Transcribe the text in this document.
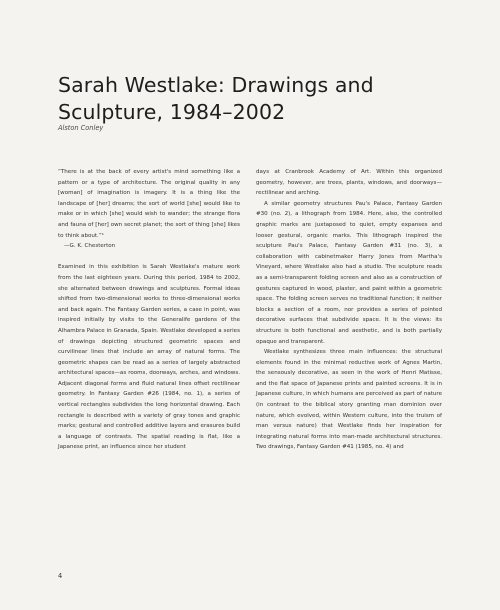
Sarah Westlake: Drawings and Sculpture, 1984–2002
Alston Conley

“There is at the back of every artist's mind something like a pattern or a type of architecture. The original quality in any [woman] of imagination is imagery. It is a thing like the landscape of [her] dreams; the sort of world [she] would like to make or in which [she] would wish to wander; the strange flora and fauna of [her] own secret planet; the sort of thing [she] likes to think about.”¹

—G. K. Chesterton

Examined in this exhibition is Sarah Westlake's mature work from the last eighteen years. During this period, 1984 to 2002, she alternated between drawings and sculptures. Formal ideas shifted from two-dimensional works to three-dimensional works and back again. The Fantasy Garden series, a case in point, was inspired initially by visits to the Generalife gardens of the Alhambra Palace in Granada, Spain. Westlake developed a series of drawings depicting structured geometric spaces and curvilinear lines that include an array of natural forms. The geometric shapes can be read as a series of largely abstracted architectural spaces—as rooms, doorways, arches, and windows. Adjacent diagonal forms and fluid natural lines offset rectilinear geometry. In Fantasy Garden #26 (1984, no. 1), a series of vertical rectangles subdivides the long horizontal drawing. Each rectangle is described with a variety of gray tones and graphic marks; gestural and controlled additive layers and erasures build a language of contrasts. The spatial reading is flat, like a Japanese print, an influence since her student

days at Cranbrook Academy of Art. Within this organized geometry, however, are trees, plants, windows, and doorways—rectilinear and arching.

A similar geometry structures Pau's Palace, Fantasy Garden #30 (no. 2), a lithograph from 1984. Here, also, the controlled graphic marks are juxtaposed to quiet, empty expanses and looser gestural, organic marks. This lithograph inspired the sculpture Pau's Palace, Fantasy Garden #31 (no. 3), a collaboration with cabinetmaker Harry Jones from Martha's Vineyard, where Westlake also had a studio. The sculpture reads as a semi-transparent folding screen and also as a construction of gestures captured in wood, plaster, and paint within a geometric space. The folding screen serves no traditional function; it neither blocks a section of a room, nor provides a series of pointed decorative surfaces that subdivide space. It is the views: its structure is both functional and aesthetic, and is both partially opaque and transparent.

Westlake synthesizes three main influences: the structural elements found in the minimal reductive work of Agnes Martin, the sensously decorative, as seen in the work of Henri Matisse, and the flat space of Japanese prints and painted screens. It is in Japanese culture, in which humans are perceived as part of nature (in contrast to the biblical story granting man dominion over nature, which evolved, within Western culture, into the truism of man versus nature) that Westlake finds her inspiration for integrating natural forms into man-made architectural structures. Two drawings, Fantasy Garden #41 (1985, no. 4) and

4
